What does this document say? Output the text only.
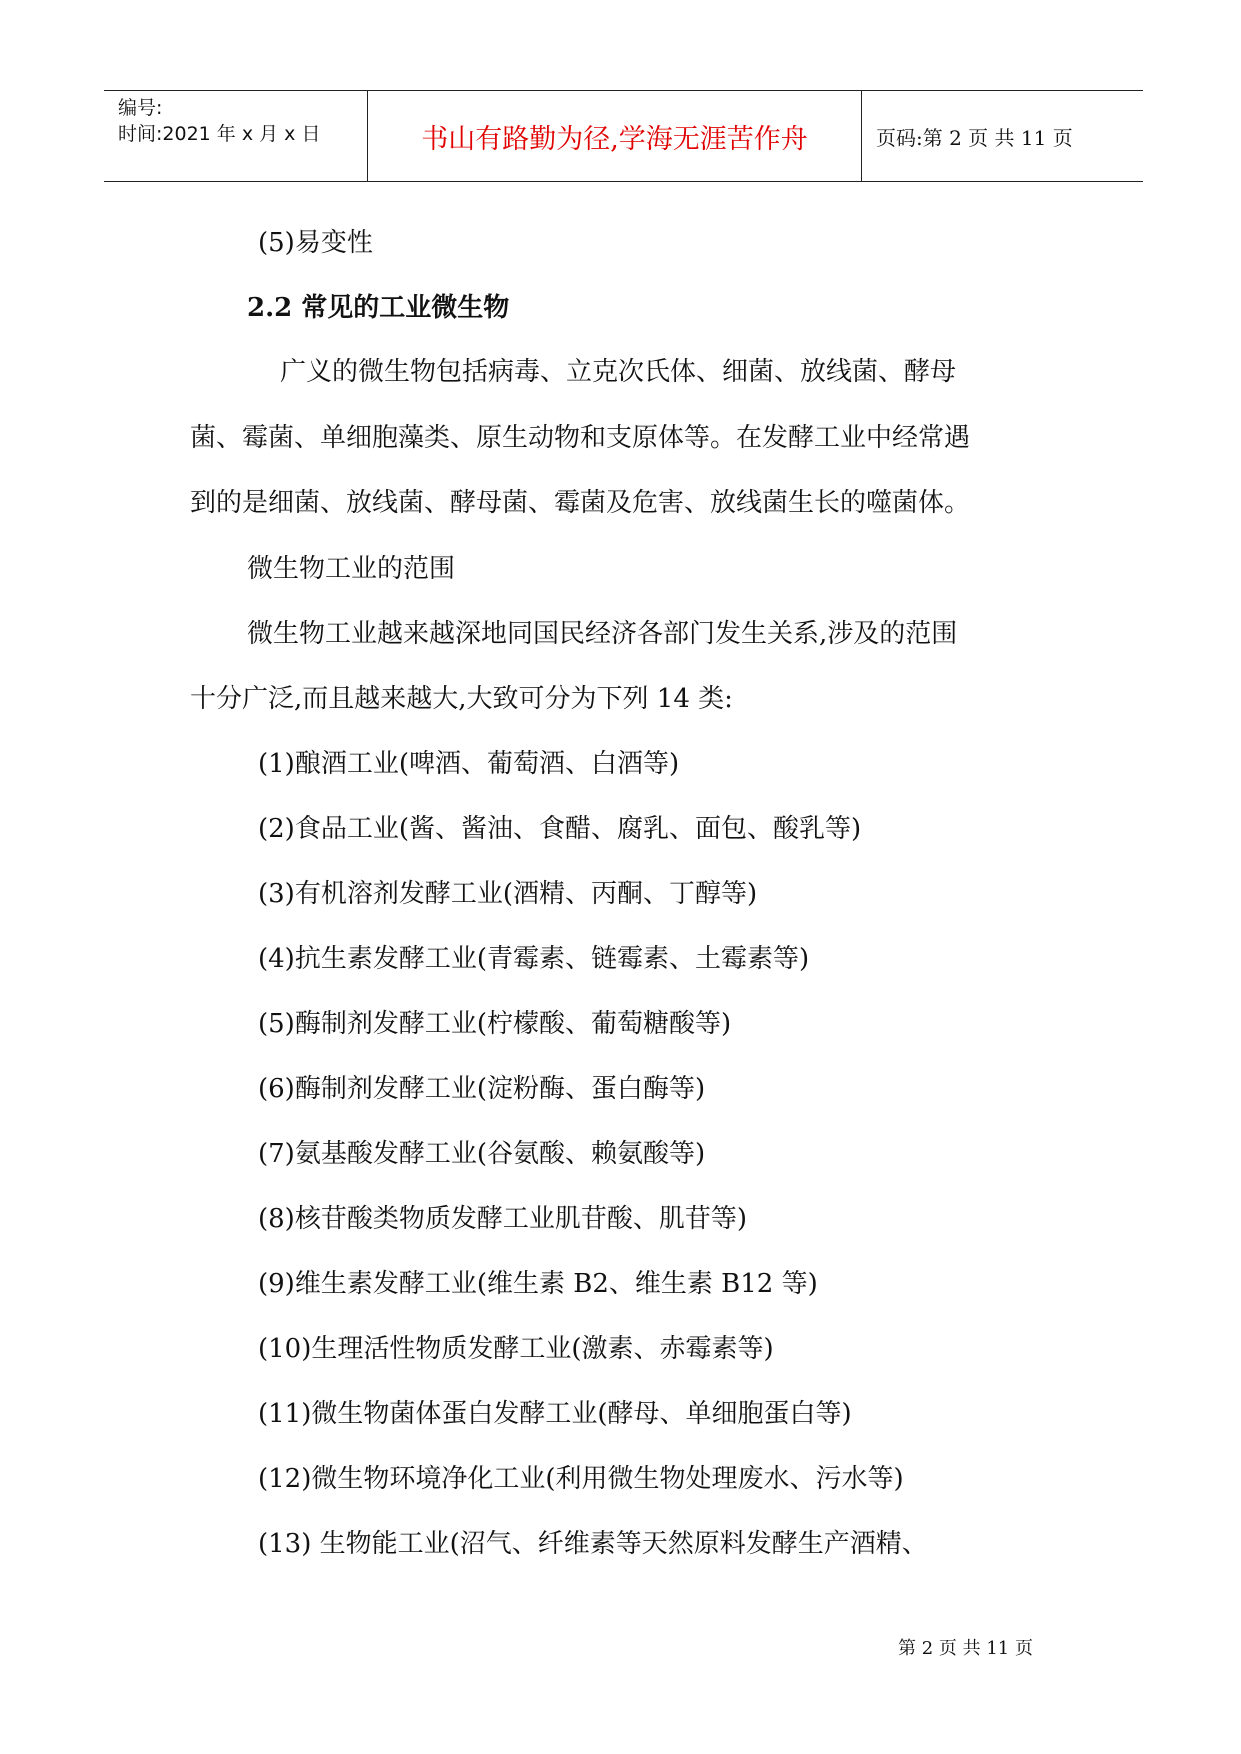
编号:
时间:2021 年 x 月 x 日	书山有路勤为径,学海无涯苦作舟	页码:第 2 页 共 11 页
(5)易变性
2.2 常见的工业微生物
广义的微生物包括病毒、立克次氏体、细菌、放线菌、酵母
菌、霉菌、单细胞藻类、原生动物和支原体等。在发酵工业中经常遇
到的是细菌、放线菌、酵母菌、霉菌及危害、放线菌生长的噬菌体。
微生物工业的范围
微生物工业越来越深地同国民经济各部门发生关系,涉及的范围
十分广泛,而且越来越大,大致可分为下列 14 类:
(1)酿酒工业(啤酒、葡萄酒、白酒等)
(2)食品工业(酱、酱油、食醋、腐乳、面包、酸乳等)
(3)有机溶剂发酵工业(酒精、丙酮、丁醇等)
(4)抗生素发酵工业(青霉素、链霉素、土霉素等)
(5)酶制剂发酵工业(柠檬酸、葡萄糖酸等)
(6)酶制剂发酵工业(淀粉酶、蛋白酶等)
(7)氨基酸发酵工业(谷氨酸、赖氨酸等)
(8)核苷酸类物质发酵工业肌苷酸、肌苷等)
(9)维生素发酵工业(维生素 B2、维生素 B12 等)
(10)生理活性物质发酵工业(激素、赤霉素等)
(11)微生物菌体蛋白发酵工业(酵母、单细胞蛋白等)
(12)微生物环境净化工业(利用微生物处理废水、污水等)
(13) 生物能工业(沼气、纤维素等天然原料发酵生产酒精、
第 2 页 共 11 页
